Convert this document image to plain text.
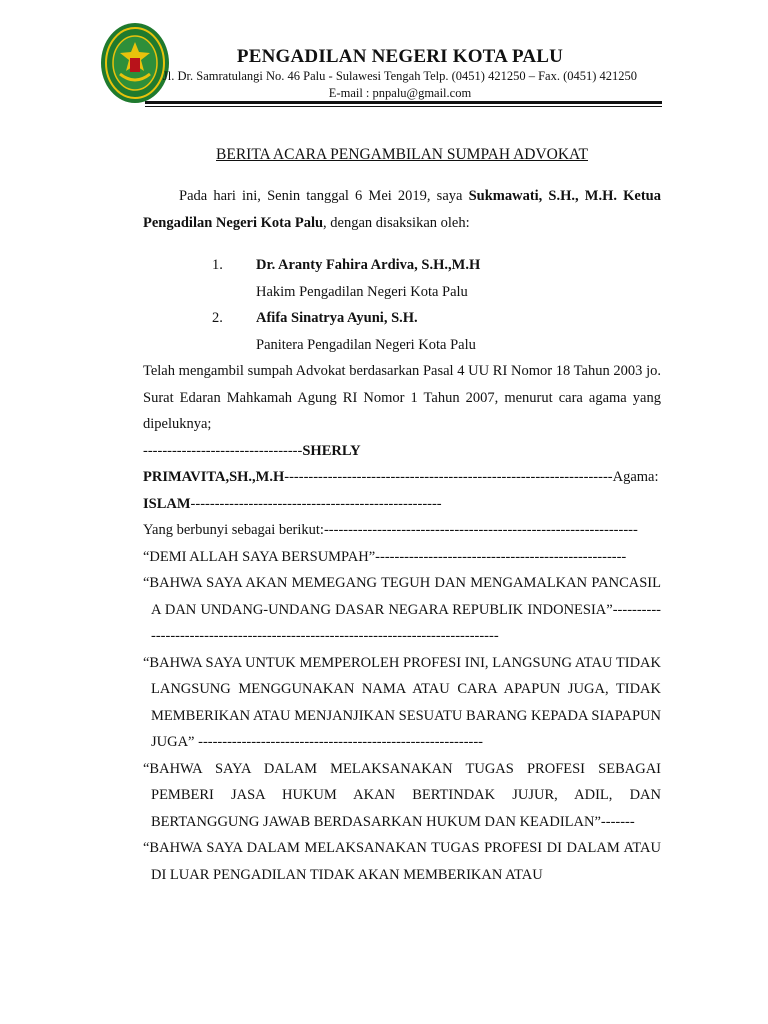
PENGADILAN NEGERI KOTA PALU
Jl. Dr. Samratulangi No. 46 Palu - Sulawesi Tengah Telp. (0451) 421250 – Fax. (0451) 421250
E-mail : pnpalu@gmail.com
BERITA ACARA PENGAMBILAN SUMPAH ADVOKAT

Pada hari ini, Senin tanggal 6 Mei 2019, saya Sukmawati, S.H., M.H. Ketua Pengadilan Negeri Kota Palu, dengan disaksikan oleh:

1. Dr. Aranty Fahira Ardiva, S.H.,M.H
Hakim Pengadilan Negeri Kota Palu
2. Afifa Sinatrya Ayuni, S.H.
Panitera Pengadilan Negeri Kota Palu

Telah mengambil sumpah Advokat berdasarkan Pasal 4 UU RI Nomor 18 Tahun 2003 jo. Surat Edaran Mahkamah Agung RI Nomor 1 Tahun 2007, menurut cara agama yang dipeluknya;

---------------------------------SHERLY
PRIMAVITA,SH.,M.H--------------------------------------------------------------------Agama:
ISLAM----------------------------------------------------
Yang berbunyi sebagai berikut:-----------------------------------------------------------------
“DEMI ALLAH SAYA BERSUMPAH”----------------------------------------------------

“BAHWA SAYA AKAN MEMEGANG TEGUH DAN MENGAMALKAN PANCASILA DAN UNDANG-UNDANG DASAR NEGARA REPUBLIK INDONESIA”----------------------------------------------------------------------------------

“BAHWA SAYA UNTUK MEMPEROLEH PROFESI INI, LANGSUNG ATAU TIDAK LANGSUNG MENGGUNAKAN NAMA ATAU CARA APAPUN JUGA, TIDAK MEMBERIKAN ATAU MENJANJIKAN SESUATU BARANG KEPADA SIAPAPUN JUGA” -----------------------------------------------------------

“BAHWA SAYA DALAM MELAKSANAKAN TUGAS PROFESI SEBAGAI PEMBERI JASA HUKUM AKAN BERTINDAK JUJUR, ADIL, DAN BERTANGGUNG JAWAB BERDASARKAN HUKUM DAN KEADILAN”-------

“BAHWA SAYA DALAM MELAKSANAKAN TUGAS PROFESI DI DALAM ATAU DI LUAR PENGADILAN TIDAK AKAN MEMBERIKAN ATAU
